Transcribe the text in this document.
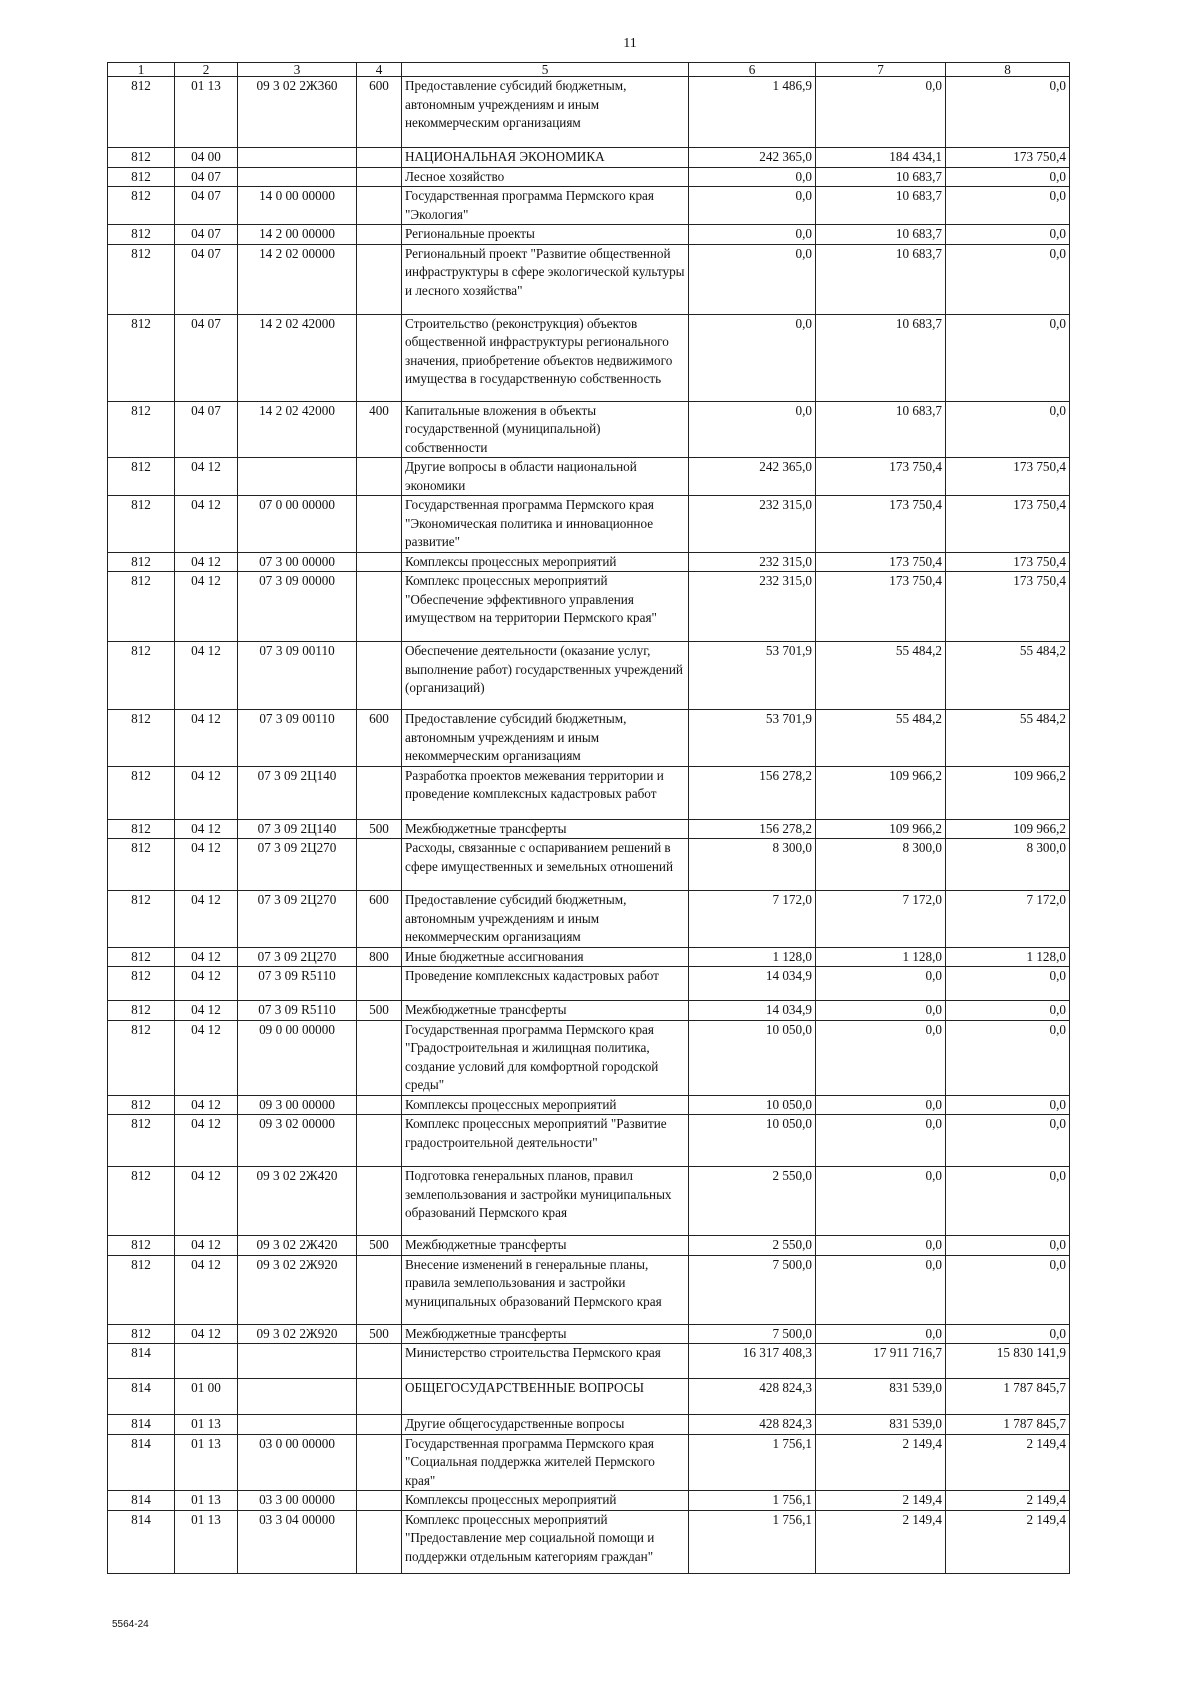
11
1	2	3	4	5	6	7	8
812	01 13	09 3 02 2Ж360	600	Предоставление субсидий бюджетным, автономным учреждениям и иным некоммерческим организациям	1 486,9	0,0	0,0
812	04 00			НАЦИОНАЛЬНАЯ ЭКОНОМИКА	242 365,0	184 434,1	173 750,4
812	04 07			Лесное хозяйство	0,0	10 683,7	0,0
812	04 07	14 0 00 00000		Государственная программа Пермского края "Экология"	0,0	10 683,7	0,0
812	04 07	14 2 00 00000		Региональные проекты	0,0	10 683,7	0,0
812	04 07	14 2 02 00000		Региональный проект "Развитие общественной инфраструктуры в сфере экологической культуры и лесного хозяйства"	0,0	10 683,7	0,0
812	04 07	14 2 02 42000		Строительство (реконструкция) объектов общественной инфраструктуры регионального значения, приобретение объектов недвижимого имущества в государственную собственность	0,0	10 683,7	0,0
812	04 07	14 2 02 42000	400	Капитальные вложения в объекты государственной (муниципальной) собственности	0,0	10 683,7	0,0
812	04 12			Другие вопросы в области национальной экономики	242 365,0	173 750,4	173 750,4
812	04 12	07 0 00 00000		Государственная программа Пермского края "Экономическая политика и инновационное развитие"	232 315,0	173 750,4	173 750,4
812	04 12	07 3 00 00000		Комплексы процессных мероприятий	232 315,0	173 750,4	173 750,4
812	04 12	07 3 09 00000		Комплекс процессных мероприятий "Обеспечение эффективного управления имуществом на территории Пермского края"	232 315,0	173 750,4	173 750,4
812	04 12	07 3 09 00110		Обеспечение деятельности (оказание услуг, выполнение работ) государственных учреждений (организаций)	53 701,9	55 484,2	55 484,2
812	04 12	07 3 09 00110	600	Предоставление субсидий бюджетным, автономным учреждениям и иным некоммерческим организациям	53 701,9	55 484,2	55 484,2
812	04 12	07 3 09 2Ц140		Разработка проектов межевания территории и проведение комплексных кадастровых работ	156 278,2	109 966,2	109 966,2
812	04 12	07 3 09 2Ц140	500	Межбюджетные трансферты	156 278,2	109 966,2	109 966,2
812	04 12	07 3 09 2Ц270		Расходы, связанные с оспариванием решений в сфере имущественных и земельных отношений	8 300,0	8 300,0	8 300,0
812	04 12	07 3 09 2Ц270	600	Предоставление субсидий бюджетным, автономным учреждениям и иным некоммерческим организациям	7 172,0	7 172,0	7 172,0
812	04 12	07 3 09 2Ц270	800	Иные бюджетные ассигнования	1 128,0	1 128,0	1 128,0
812	04 12	07 3 09 R5110		Проведение комплексных кадастровых работ	14 034,9	0,0	0,0
812	04 12	07 3 09 R5110	500	Межбюджетные трансферты	14 034,9	0,0	0,0
812	04 12	09 0 00 00000		Государственная программа Пермского края "Градостроительная и жилищная политика, создание условий для комфортной городской среды"	10 050,0	0,0	0,0
812	04 12	09 3 00 00000		Комплексы процессных мероприятий	10 050,0	0,0	0,0
812	04 12	09 3 02 00000		Комплекс процессных мероприятий "Развитие градостроительной деятельности"	10 050,0	0,0	0,0
812	04 12	09 3 02 2Ж420		Подготовка генеральных планов, правил землепользования и застройки муниципальных образований Пермского края	2 550,0	0,0	0,0
812	04 12	09 3 02 2Ж420	500	Межбюджетные трансферты	2 550,0	0,0	0,0
812	04 12	09 3 02 2Ж920		Внесение изменений в генеральные планы, правила землепользования и застройки муниципальных образований Пермского края	7 500,0	0,0	0,0
812	04 12	09 3 02 2Ж920	500	Межбюджетные трансферты	7 500,0	0,0	0,0
814				Министерство строительства Пермского края	16 317 408,3	17 911 716,7	15 830 141,9
814	01 00			ОБЩЕГОСУДАРСТВЕННЫЕ ВОПРОСЫ	428 824,3	831 539,0	1 787 845,7
814	01 13			Другие общегосударственные вопросы	428 824,3	831 539,0	1 787 845,7
814	01 13	03 0 00 00000		Государственная программа Пермского края "Социальная поддержка жителей Пермского края"	1 756,1	2 149,4	2 149,4
814	01 13	03 3 00 00000		Комплексы процессных мероприятий	1 756,1	2 149,4	2 149,4
814	01 13	03 3 04 00000		Комплекс процессных мероприятий "Предоставление мер социальной помощи и поддержки отдельным категориям граждан"	1 756,1	2 149,4	2 149,4
5564-24
